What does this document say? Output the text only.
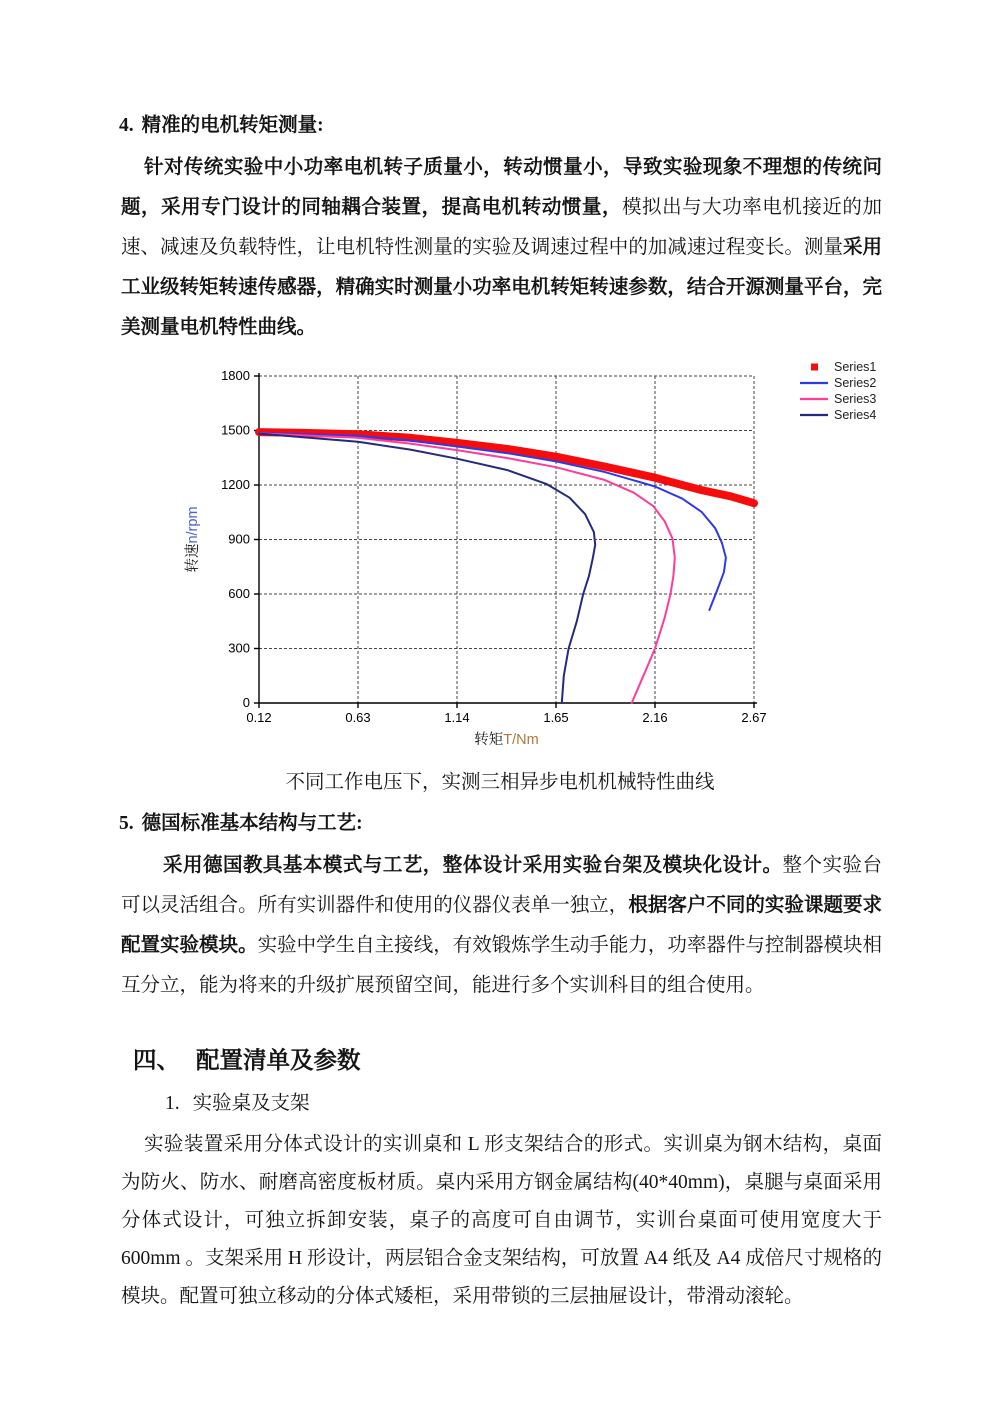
4. 精准的电机转矩测量:

针对传统实验中小功率电机转子质量小，转动惯量小，导致实验现象不理想的传统问题，采用专门设计的同轴耦合装置，提高电机转动惯量，模拟出与大功率电机接近的加速、减速及负载特性，让电机特性测量的实验及调速过程中的加减速过程变长。测量采用工业级转矩转速传感器，精确实时测量小功率电机转矩转速参数，结合开源测量平台，完美测量电机特性曲线。

0.12	0.63	1.14	1.65	2.16	2.67
0
300
600
900
1200
1500
1800
转矩T/Nm
转速n/rpm
Series1
Series2
Series3
Series4
不同工作电压下，实测三相异步电机机械特性曲线
5. 德国标准基本结构与工艺:

采用德国教具基本模式与工艺，整体设计采用实验台架及模块化设计。整个实验台可以灵活组合。所有实训器件和使用的仪器仪表单一独立，根据客户不同的实验课题要求配置实验模块。实验中学生自主接线，有效锻炼学生动手能力，功率器件与控制器模块相互分立，能为将来的升级扩展预留空间，能进行多个实训科目的组合使用。

四、 配置清单及参数
1. 实验桌及支架

实验装置采用分体式设计的实训桌和 L 形支架结合的形式。实训桌为钢木结构，桌面为防火、防水、耐磨高密度板材质。桌内采用方钢金属结构(40*40mm)，桌腿与桌面采用分体式设计，可独立拆卸安装，桌子的高度可自由调节，实训台桌面可使用宽度大于 600mm 。支架采用 H 形设计，两层铝合金支架结构，可放置 A4 纸及 A4 成倍尺寸规格的模块。配置可独立移动的分体式矮柜，采用带锁的三层抽屉设计，带滑动滚轮。
